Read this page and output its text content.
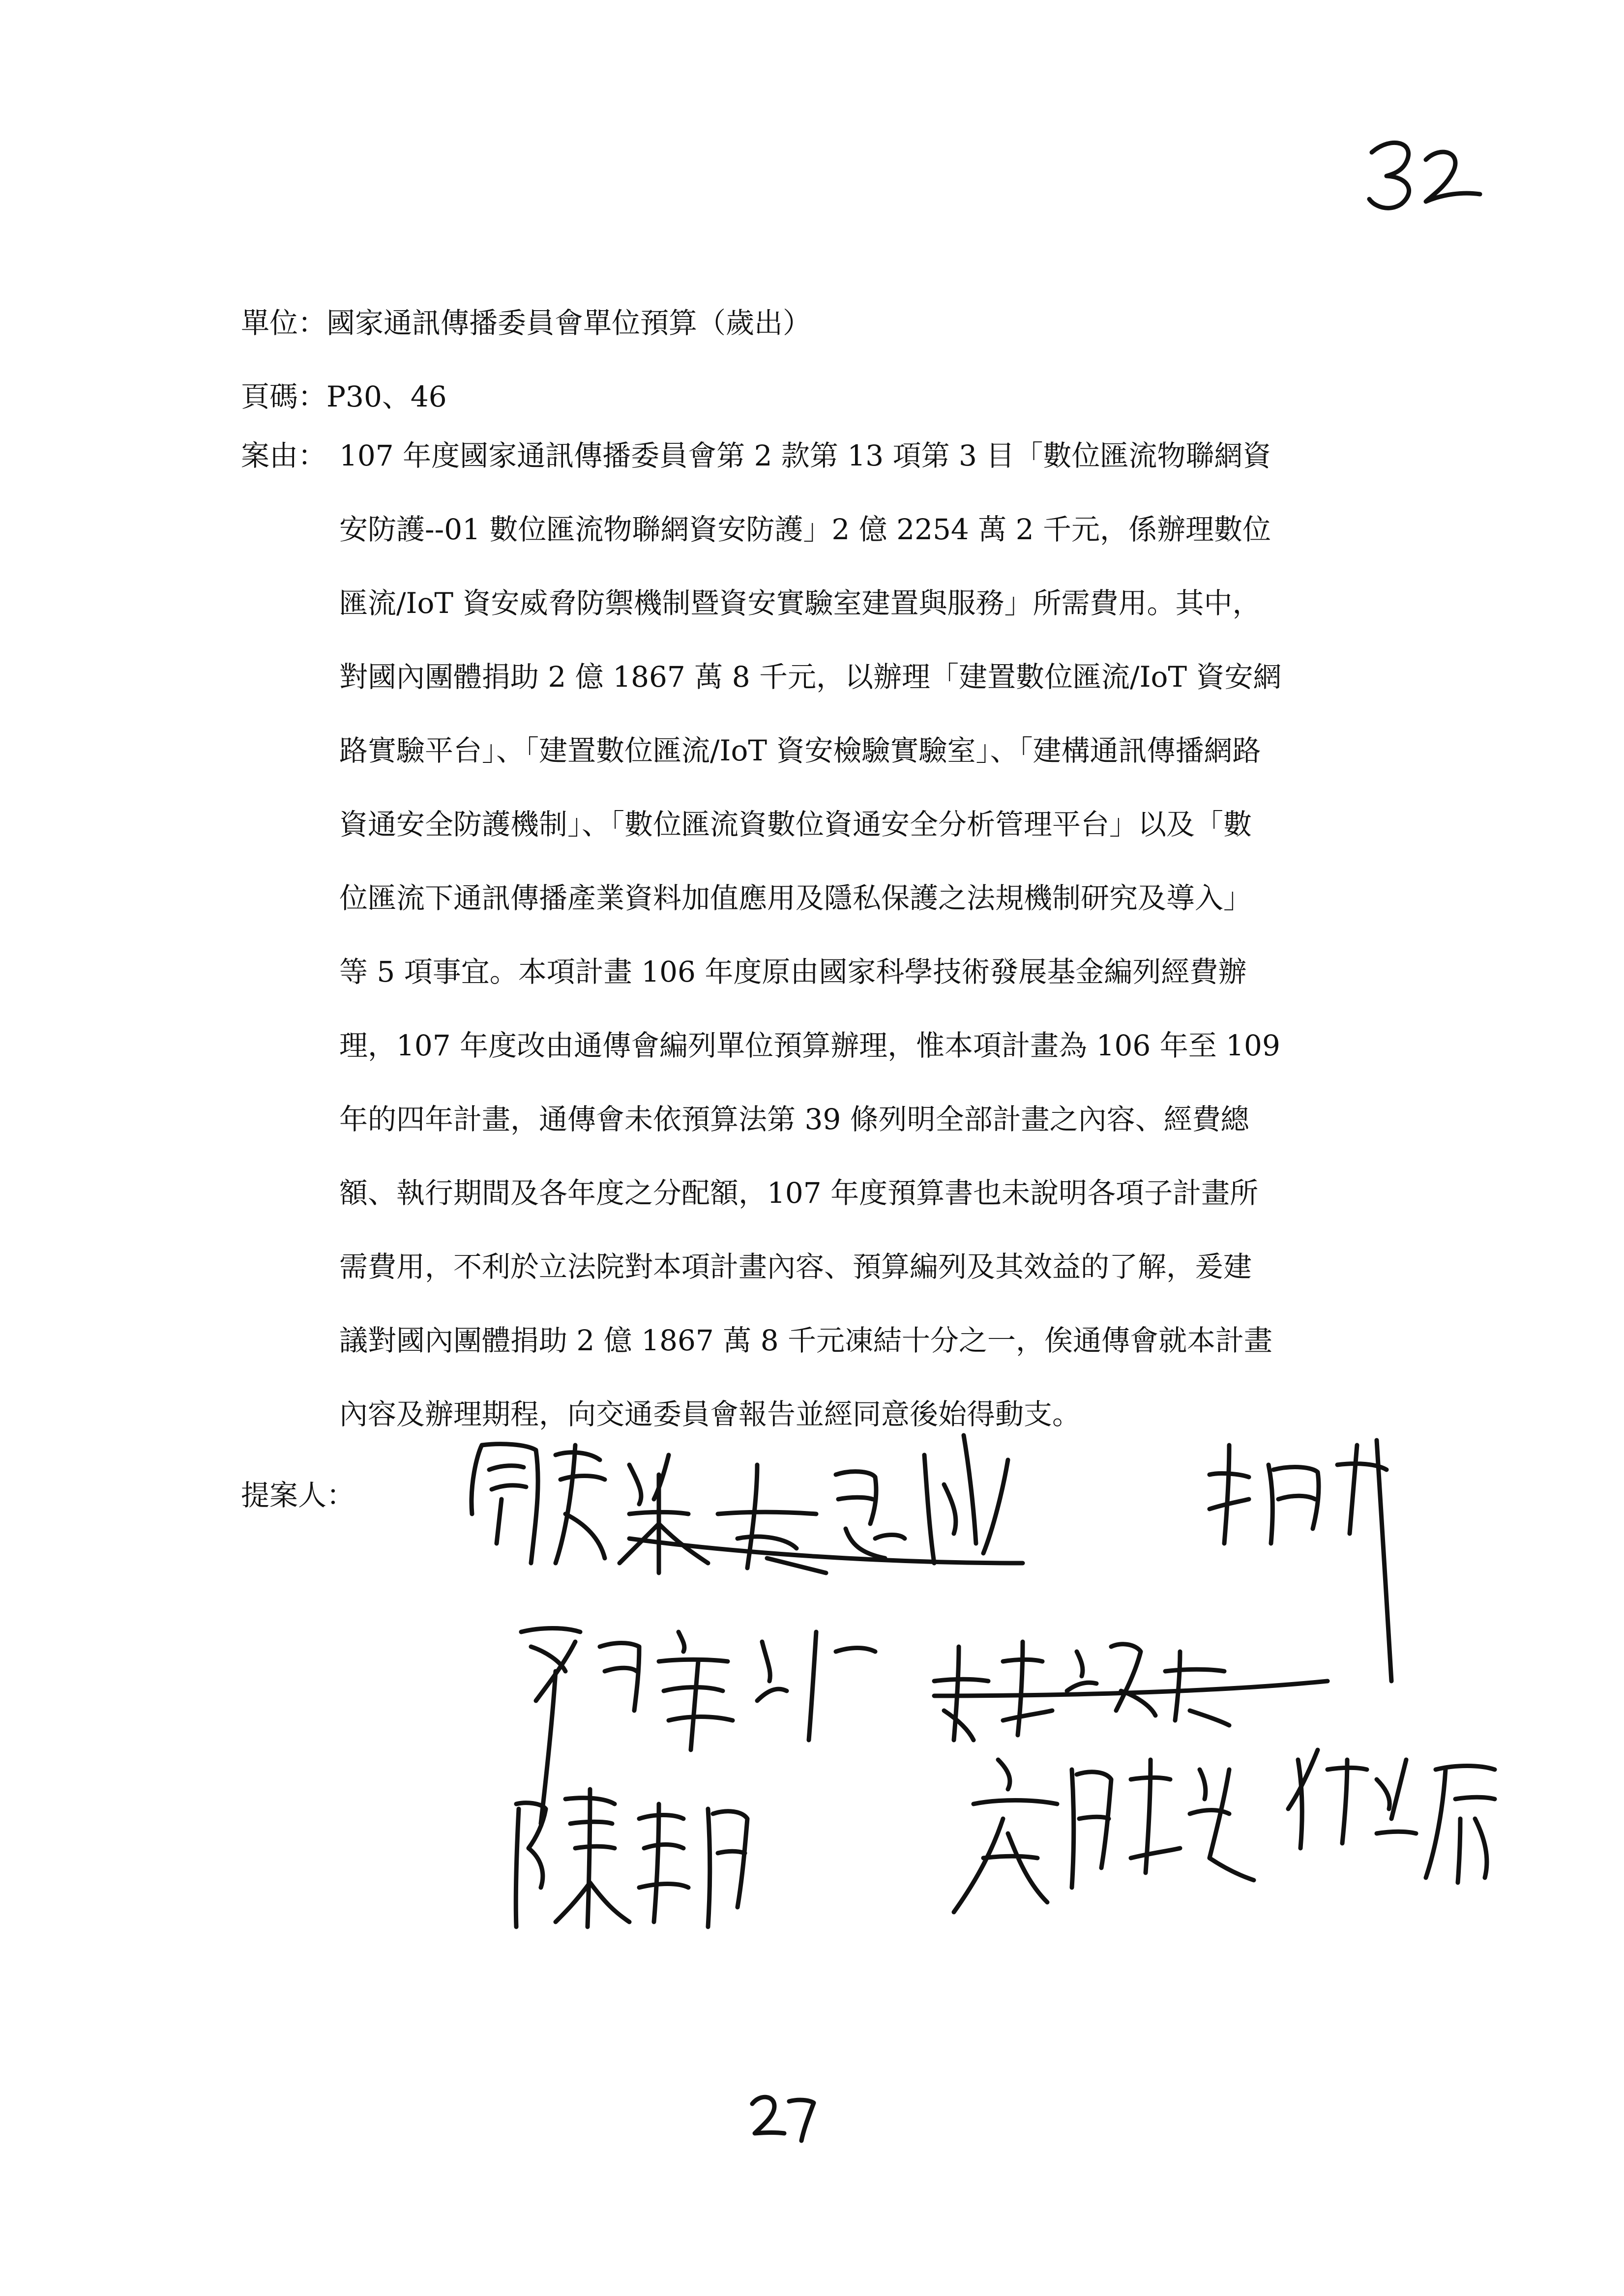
單位：國家通訊傳播委員會單位預算（歲出）
頁碼：P30、46
案由： 107 年度國家通訊傳播委員會第 2 款第 13 項第 3 目「數位匯流物聯網資
安防護--01 數位匯流物聯網資安防護」2 億 2254 萬 2 千元，係辦理數位
匯流/IoT 資安威脅防禦機制暨資安實驗室建置與服務」所需費用。其中，
對國內團體捐助 2 億 1867 萬 8 千元，以辦理「建置數位匯流/IoT 資安網
路實驗平台」、「建置數位匯流/IoT 資安檢驗實驗室」、「建構通訊傳播網路
資通安全防護機制」、「數位匯流資數位資通安全分析管理平台」以及「數
位匯流下通訊傳播產業資料加值應用及隱私保護之法規機制研究及導入」
等 5 項事宜。本項計畫 106 年度原由國家科學技術發展基金編列經費辦
理，107 年度改由通傳會編列單位預算辦理，惟本項計畫為 106 年至 109
年的四年計畫，通傳會未依預算法第 39 條列明全部計畫之內容、經費總
額、執行期間及各年度之分配額，107 年度預算書也未說明各項子計畫所
需費用，不利於立法院對本項計畫內容、預算編列及其效益的了解，爰建
議對國內團體捐助 2 億 1867 萬 8 千元凍結十分之一，俟通傳會就本計畫
內容及辦理期程，向交通委員會報告並經同意後始得動支。
提案人：
